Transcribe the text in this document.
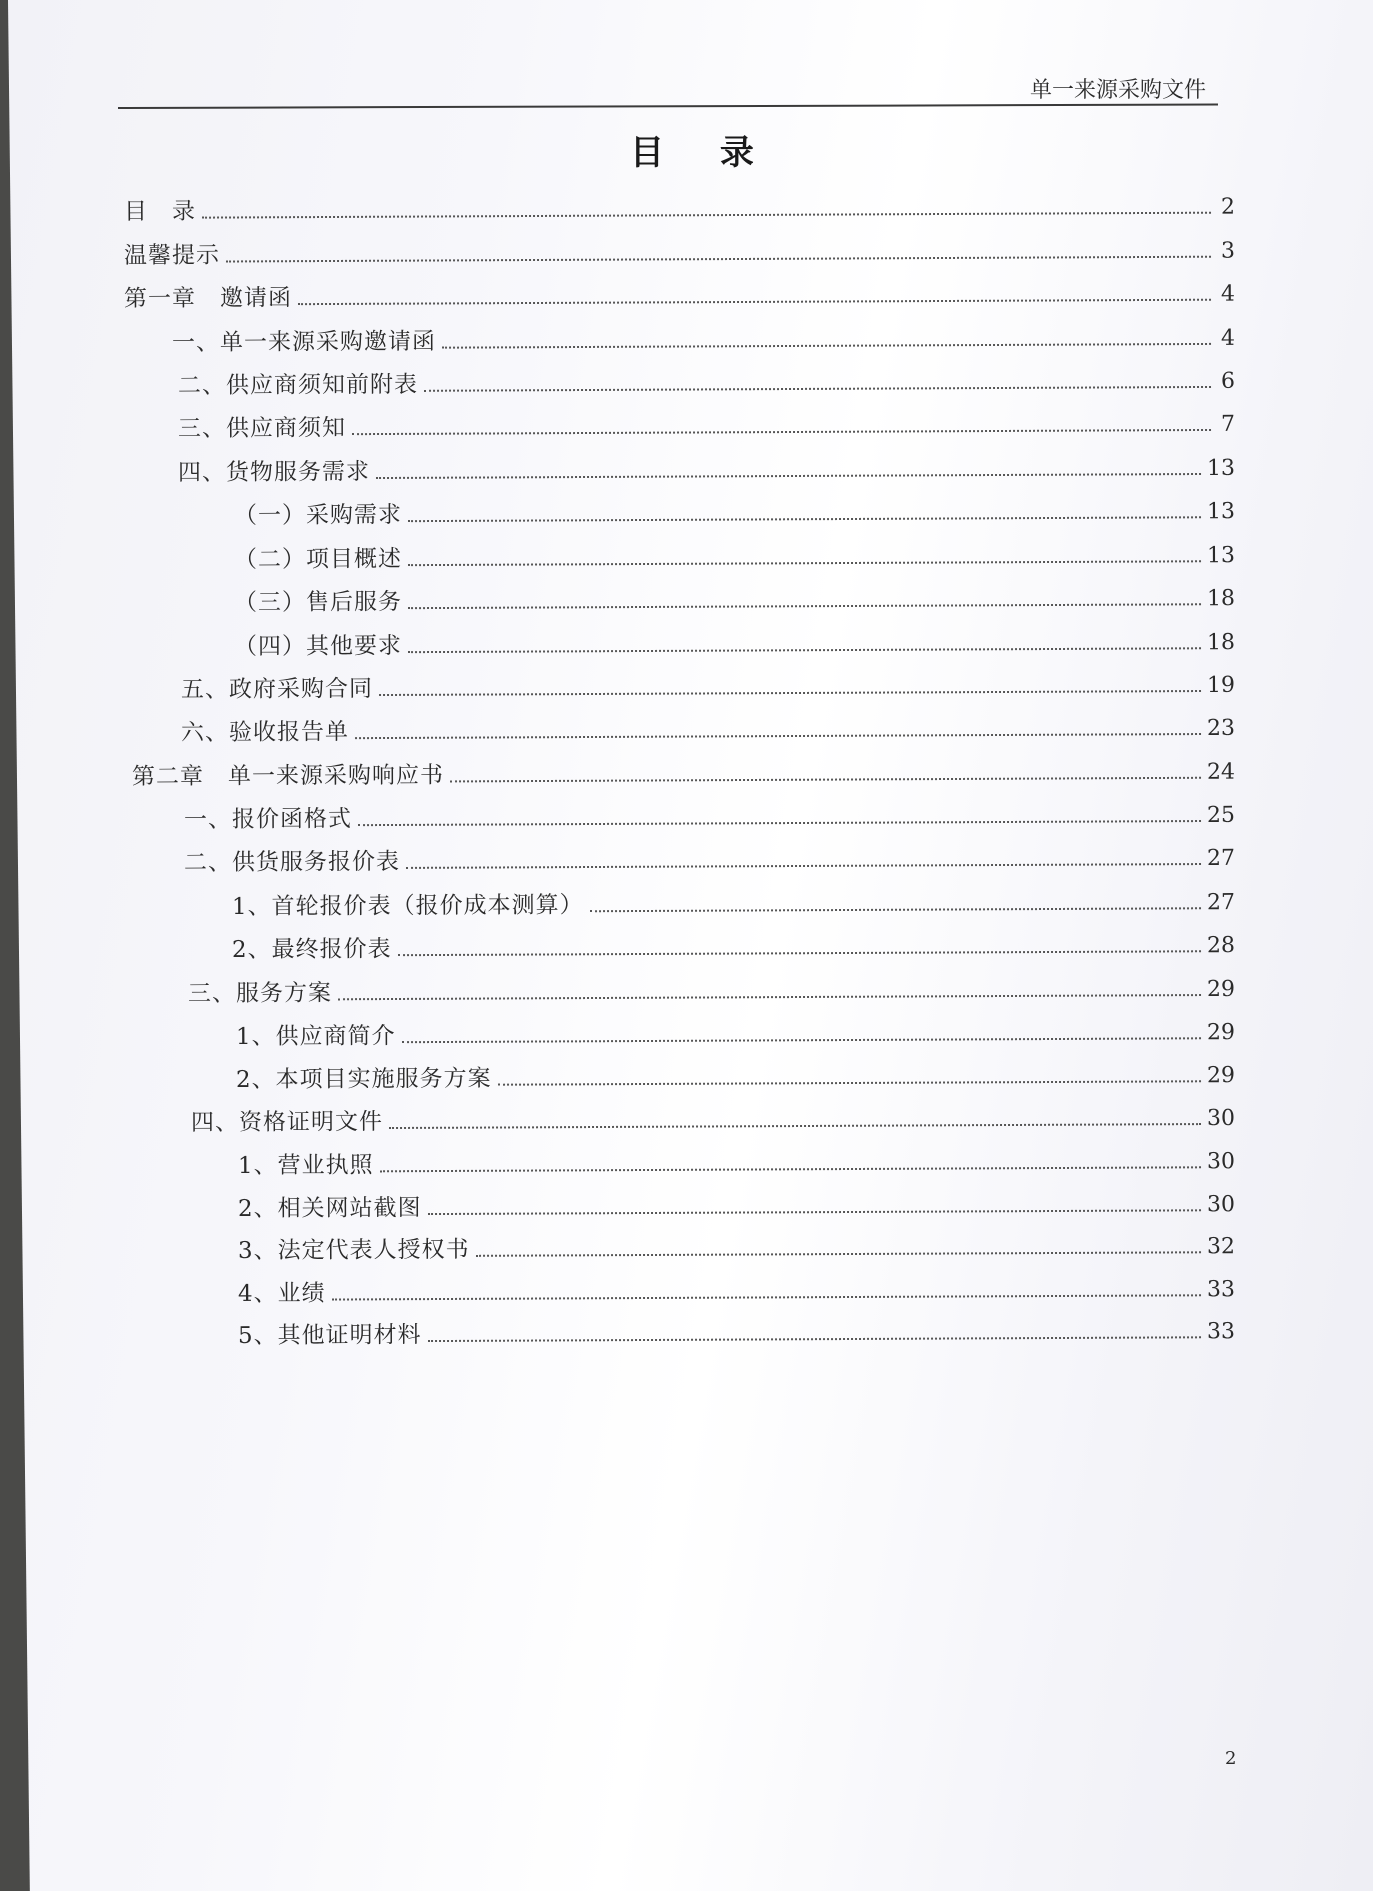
单一来源采购文件
目 录
目　录	2
温馨提示	3
第一章　邀请函	4
一、单一来源采购邀请函	4
二、供应商须知前附表	6
三、供应商须知	7
四、货物服务需求	13
（一）采购需求	13
（二）项目概述	13
（三）售后服务	18
（四）其他要求	18
五、政府采购合同	19
六、验收报告单	23
第二章　单一来源采购响应书	24
一、报价函格式	25
二、供货服务报价表	27
1、首轮报价表（报价成本测算）	27
2、最终报价表	28
三、服务方案	29
1、供应商简介	29
2、本项目实施服务方案	29
四、资格证明文件	30
1、营业执照	30
2、相关网站截图	30
3、法定代表人授权书	32
4、业绩	33
5、其他证明材料	33
2
